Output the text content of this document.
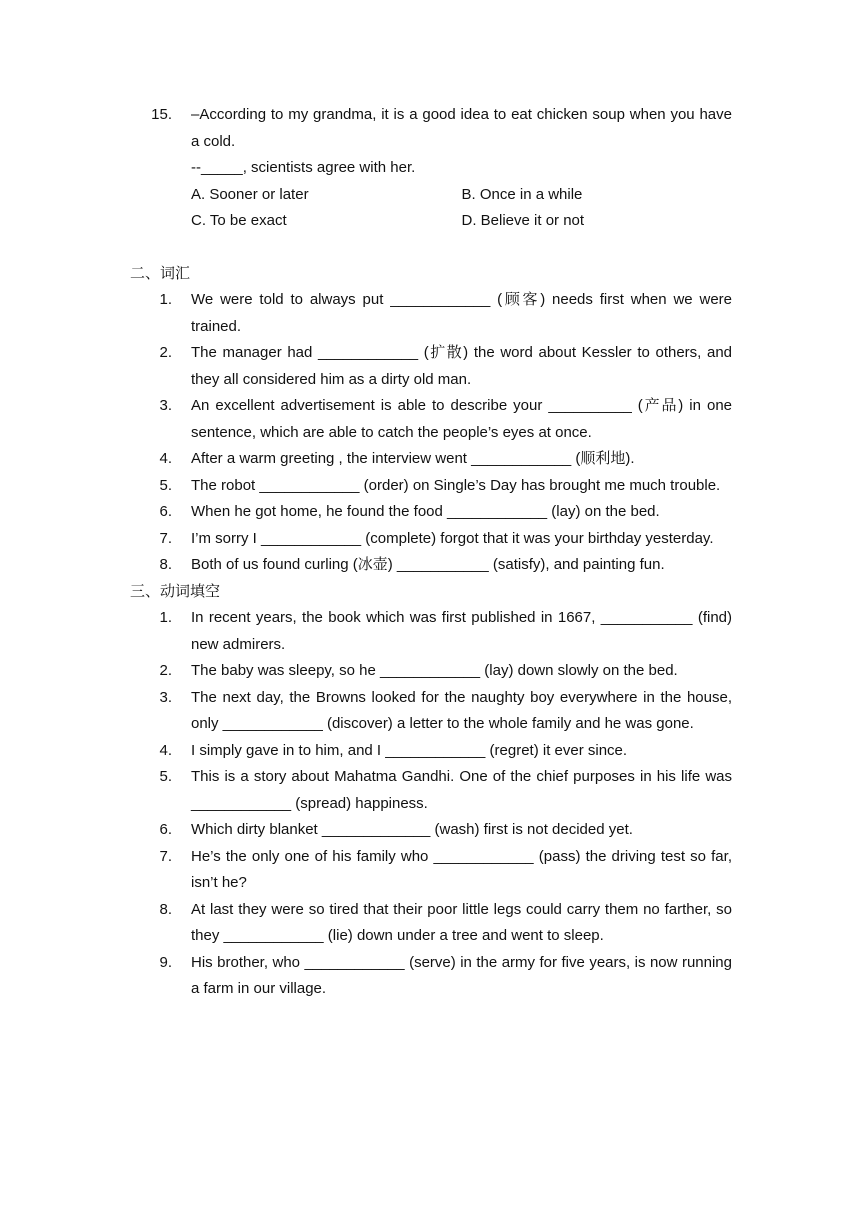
15. –According to my grandma, it is a good idea to eat chicken soup when you have a cold.
--_____, scientists agree with her.
A. Sooner or later	B. Once in a while
C. To be exact	D. Believe it or not
二、词汇
1. We were told to always put ____________ (顾客) needs first when we were trained.
2. The manager had ____________ (扩散) the word about Kessler to others, and they all considered him as a dirty old man.
3. An excellent advertisement is able to describe your __________ (产品) in one sentence, which are able to catch the people’s eyes at once.
4. After a warm greeting , the interview went ____________ (顺利地).
5. The robot ____________ (order) on Single’s Day has brought me much trouble.
6. When he got home, he found the food ____________ (lay) on the bed.
7. I’m sorry I ____________ (complete) forgot that it was your birthday yesterday.
8. Both of us found curling (冰壶) ___________ (satisfy), and painting fun.
三、动词填空
1. In recent years, the book which was first published in 1667, ___________ (find) new admirers.
2. The baby was sleepy, so he ____________ (lay) down slowly on the bed.
3. The next day, the Browns looked for the naughty boy everywhere in the house, only ____________ (discover) a letter to the whole family and he was gone.
4. I simply gave in to him, and I ____________ (regret) it ever since.
5. This is a story about Mahatma Gandhi. One of the chief purposes in his life was ____________ (spread) happiness.
6. Which dirty blanket _____________ (wash) first is not decided yet.
7. He’s the only one of his family who ____________ (pass) the driving test so far, isn’t he?
8. At last they were so tired that their poor little legs could carry them no farther, so they ____________ (lie) down under a tree and went to sleep.
9. His brother, who ____________ (serve) in the army for five years, is now running a farm in our village.
